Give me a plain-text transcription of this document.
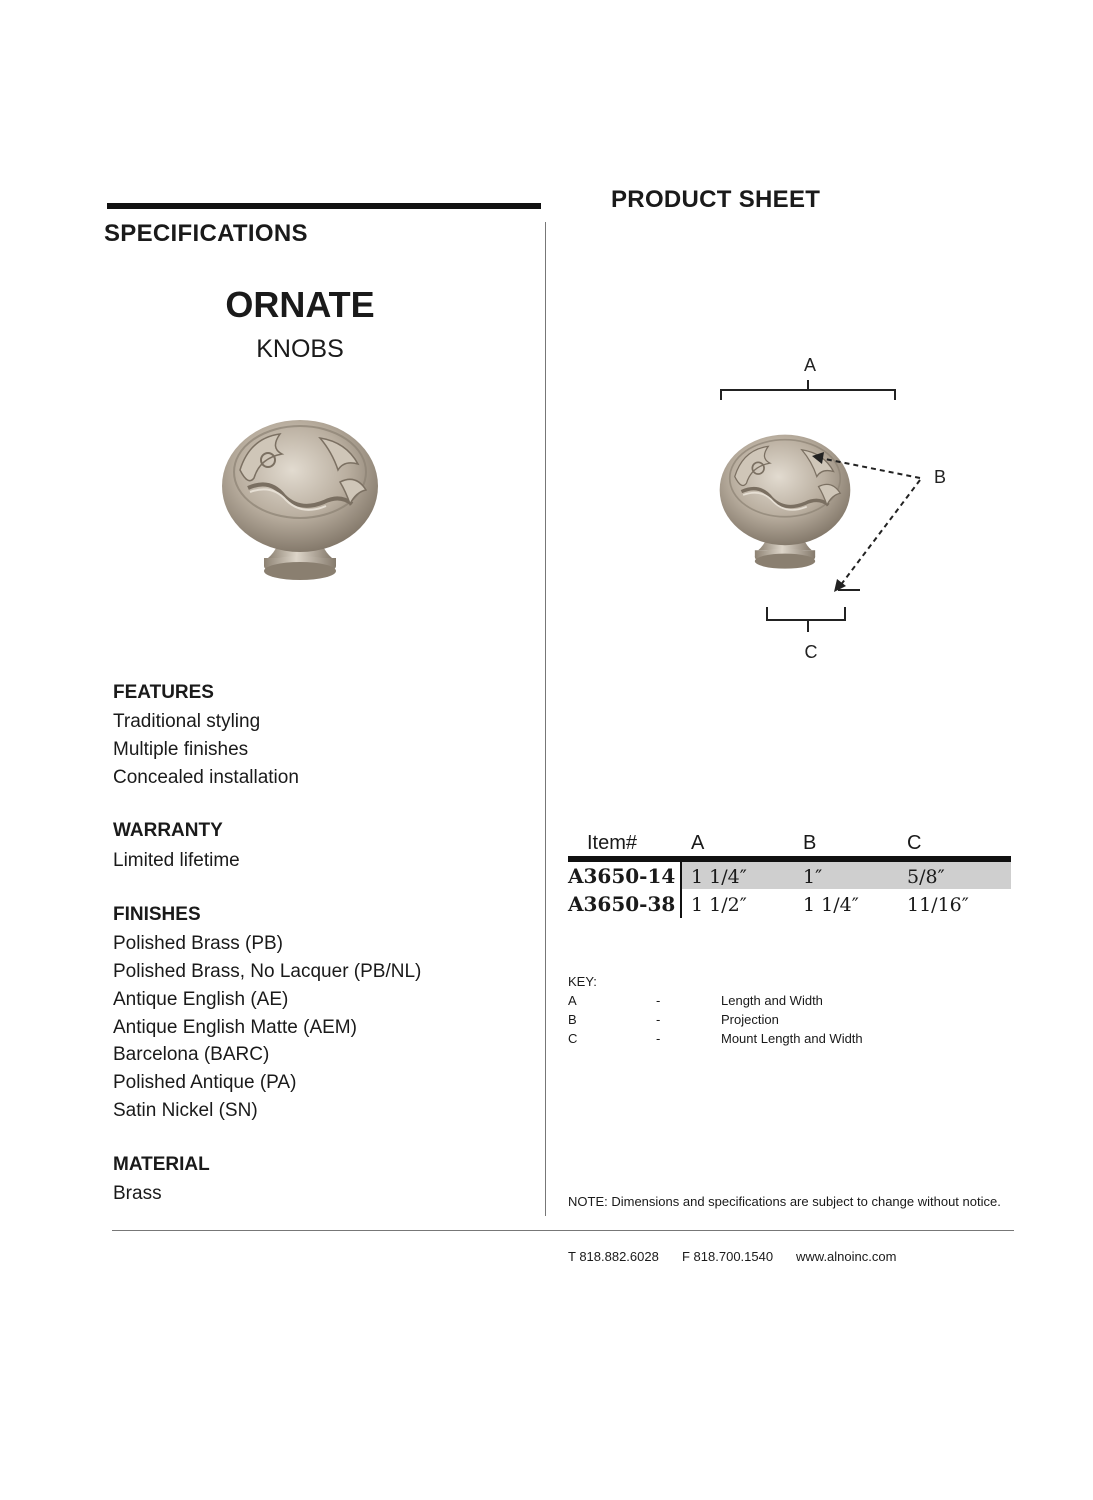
SPECIFICATIONS
PRODUCT SHEET
ORNATE
KNOBS
FEATURES
Traditional styling
Multiple finishes
Concealed installation
WARRANTY
Limited lifetime
FINISHES
Polished Brass (PB)
Polished Brass, No Lacquer (PB/NL)
Antique English (AE)
Antique English Matte (AEM)
Barcelona (BARC)
Polished Antique (PA)
Satin Nickel (SN)
MATERIAL
Brass
A
C
B
Item#	A	B	C
A3650-14 1 1/4″	1″	5/8″
A3650-38 1 1/2″	1 1/4″	11/16″
KEY:
A	-	Length and Width
B	-	Projection
C	-	Mount Length and Width
NOTE: Dimensions and specifications are subject to change without notice.
T 818.882.6028 F 818.700.1540 www.alnoinc.com
